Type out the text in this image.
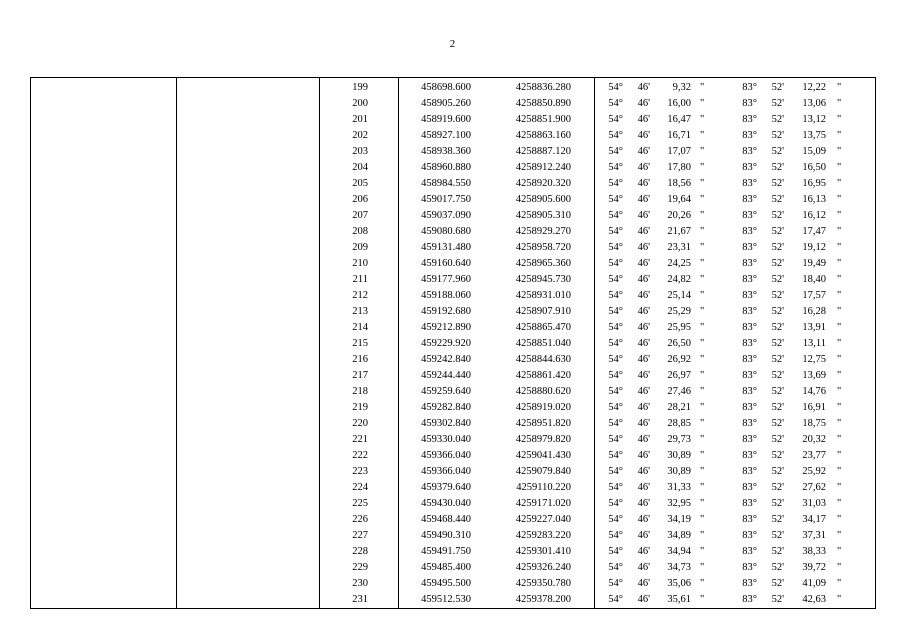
2
199	458698.600	4258836.280	54°	46'	9,32 "	83°	52'	12,22 "
200	458905.260	4258850.890	54°	46'	16,00 "	83°	52'	13,06 "
201	458919.600	4258851.900	54°	46'	16,47 "	83°	52'	13,12 "
202	458927.100	4258863.160	54°	46'	16,71 "	83°	52'	13,75 "
203	458938.360	4258887.120	54°	46'	17,07 "	83°	52'	15,09 "
204	458960.880	4258912.240	54°	46'	17,80 "	83°	52'	16,50 "
205	458984.550	4258920.320	54°	46'	18,56 "	83°	52'	16,95 "
206	459017.750	4258905.600	54°	46'	19,64 "	83°	52'	16,13 "
207	459037.090	4258905.310	54°	46'	20,26 "	83°	52'	16,12 "
208	459080.680	4258929.270	54°	46'	21,67 "	83°	52'	17,47 "
209	459131.480	4258958.720	54°	46'	23,31 "	83°	52'	19,12 "
210	459160.640	4258965.360	54°	46'	24,25 "	83°	52'	19,49 "
211	459177.960	4258945.730	54°	46'	24,82 "	83°	52'	18,40 "
212	459188.060	4258931.010	54°	46'	25,14 "	83°	52'	17,57 "
213	459192.680	4258907.910	54°	46'	25,29 "	83°	52'	16,28 "
214	459212.890	4258865.470	54°	46'	25,95 "	83°	52'	13,91 "
215	459229.920	4258851.040	54°	46'	26,50 "	83°	52'	13,11 "
216	459242.840	4258844.630	54°	46'	26,92 "	83°	52'	12,75 "
217	459244.440	4258861.420	54°	46'	26,97 "	83°	52'	13,69 "
218	459259.640	4258880.620	54°	46'	27,46 "	83°	52'	14,76 "
219	459282.840	4258919.020	54°	46'	28,21 "	83°	52'	16,91 "
220	459302.840	4258951.820	54°	46'	28,85 "	83°	52'	18,75 "
221	459330.040	4258979.820	54°	46'	29,73 "	83°	52'	20,32 "
222	459366.040	4259041.430	54°	46'	30,89 "	83°	52'	23,77 "
223	459366.040	4259079.840	54°	46'	30,89 "	83°	52'	25,92 "
224	459379.640	4259110.220	54°	46'	31,33 "	83°	52'	27,62 "
225	459430.040	4259171.020	54°	46'	32,95 "	83°	52'	31,03 "
226	459468.440	4259227.040	54°	46'	34,19 "	83°	52'	34,17 "
227	459490.310	4259283.220	54°	46'	34,89 "	83°	52'	37,31 "
228	459491.750	4259301.410	54°	46'	34,94 "	83°	52'	38,33 "
229	459485.400	4259326.240	54°	46'	34,73 "	83°	52'	39,72 "
230	459495.500	4259350.780	54°	46'	35,06 "	83°	52'	41,09 "
231	459512.530	4259378.200	54°	46'	35,61 "	83°	52'	42,63 "
